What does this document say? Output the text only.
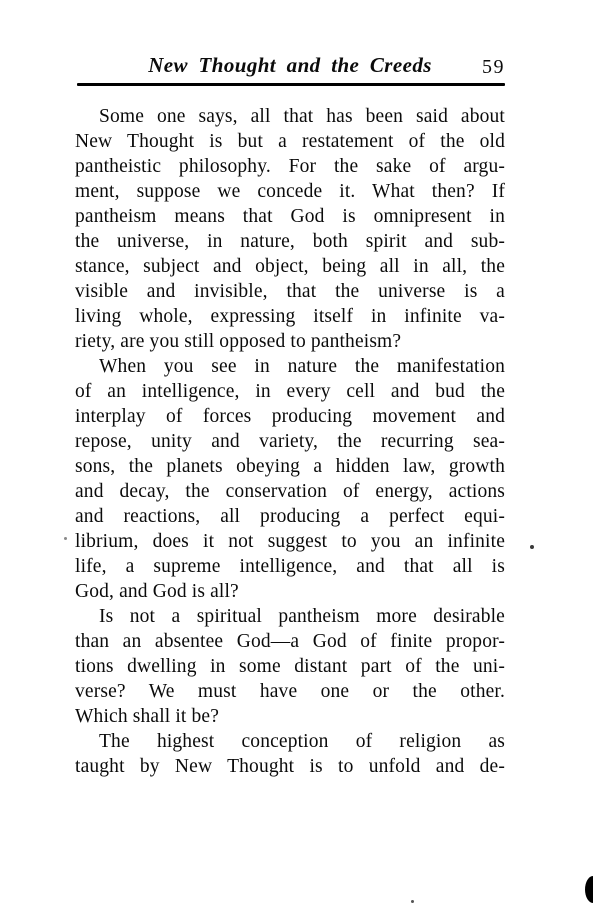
New Thought and the Creeds	59
Some one says, all that has been said about
New Thought is but a restatement of the old
pantheistic philosophy. For the sake of argu-
ment, suppose we concede it. What then? If
pantheism means that God is omnipresent in
the universe, in nature, both spirit and sub-
stance, subject and object, being all in all, the
visible and invisible, that the universe is a
living whole, expressing itself in infinite va-
riety, are you still opposed to pantheism?
When you see in nature the manifestation
of an intelligence, in every cell and bud the
interplay of forces producing movement and
repose, unity and variety, the recurring sea-
sons, the planets obeying a hidden law, growth
and decay, the conservation of energy, actions
and reactions, all producing a perfect equi-
librium, does it not suggest to you an infinite
life, a supreme intelligence, and that all is
God, and God is all?
Is not a spiritual pantheism more desirable
than an absentee God—a God of finite propor-
tions dwelling in some distant part of the uni-
verse? We must have one or the other.
Which shall it be?
The highest conception of religion as
taught by New Thought is to unfold and de-
